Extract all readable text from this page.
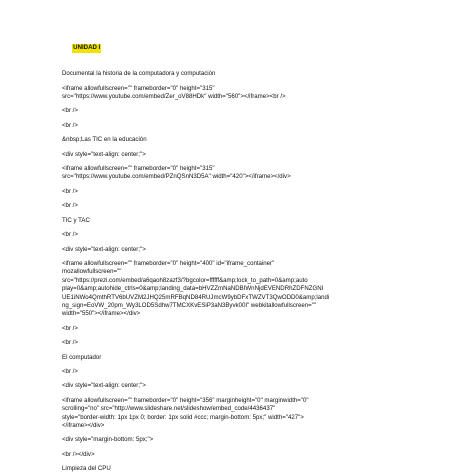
UNIDAD I

Documental la historia de la computadora y computación
<iframe allowfullscreen="" frameborder="0" height="315"
src="https://www.youtube.com/embed/Zer_oV88HDk" width="560"></iframe><br />
<br />
<br />
&nbsp;Las TIC en la educación
<div style="text-align: center;">
<iframe allowfullscreen="" frameborder="0" height="315"
src="https://www.youtube.com/embed/PZnQSnN3D5A" width="420"></iframe></div>
<br />
<br />
TIC y TAC
<br />
<div style="text-align: center;">
<iframe allowfullscreen="" frameborder="0" height="400" id="iframe_container"
mozallowfullscreen=""
src="https://prezi.com/embed/a6qaoh8zazf3/?bgcolor=ffffff&amp;lock_to_path=0&amp;auto
play=0&amp;autohide_ctrls=0&amp;landing_data=bHVZZmNaNDBIWnNjdEVENDRhZDFNZGNI
UE1iNWo4QmthRTV6bUVZM2JHQ25mRFBqND84RUJmcW9ybDFxTWZVT3QwODD0&amp;landi
ng_sign=EoVW_20pm_Wy3LOD5Sdhw7TMCXKvESiP3aN3Byvk00I" webkitallowfullscreen=""
width="550"></iframe></div>
<br />
<br />
El computador
<br />
<div style="text-align: center;">
<iframe allowfullscreen="" frameborder="0" height="356" marginheight="0" marginwidth="0"
scrolling="no" src="http://www.slideshare.net/slideshow/embed_code/4436437"
style="border-width: 1px 1px 0; border: 1px solid #ccc; margin-bottom: 5px;" width="427">
</iframe></div>
<div style="margin-bottom: 5px;">
<br /></div>
Limpieza del CPU
